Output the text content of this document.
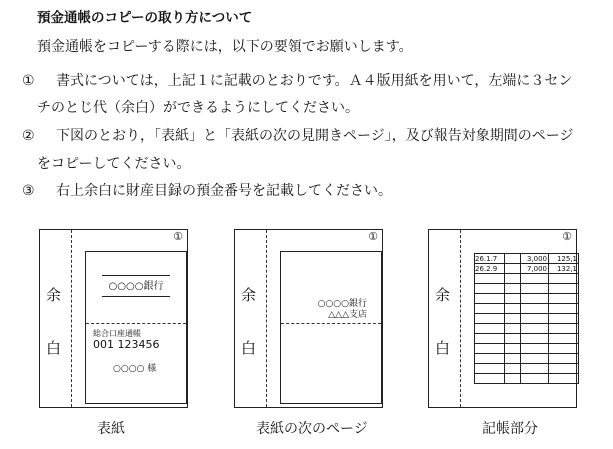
預金通帳のコピーの取り方について
預金通帳をコピーする際には，以下の要領でお願いします。
① 書式については，上記１に記載のとおりです。Ａ４版用紙を用いて，左端に３セン
チのとじ代（余白）ができるようにしてください。
② 下図のとおり，「表紙」と「表紙の次の見開きページ」，及び報告対象期間のページ
をコピーしてください。
③ 右上余白に財産目録の預金番号を記載してください。
①
余
白
○○○○銀行
総合口座通帳
001 123456
○○○○ 様
表紙
①
余
白
○○○○銀行
△△△支店
表紙の次のページ
①
余
白
26.1.7		3,000	125,1
26.2.9		7,000	132,1

記帳部分
